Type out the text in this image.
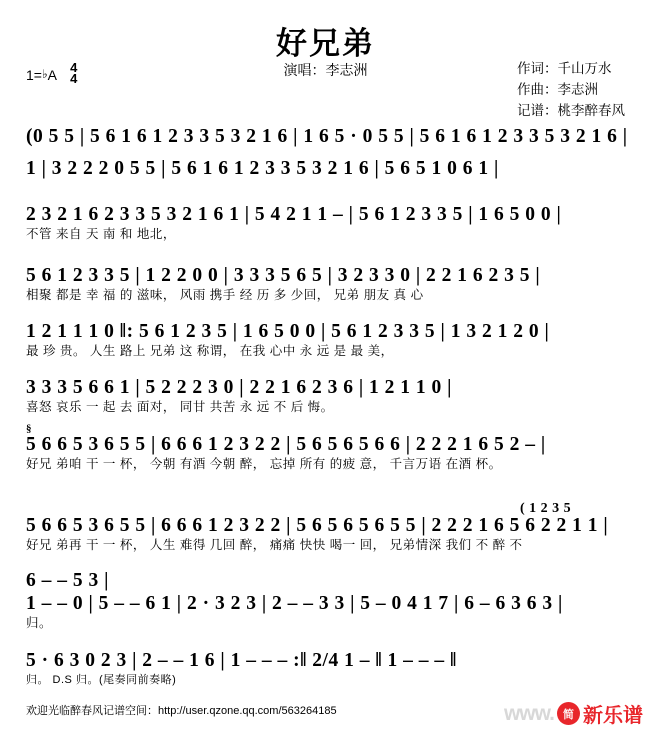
好兄弟
演唱：李志洲
1=♭A 4
4
作词：千山万水
作曲：李志洲
记谱：桃李醉春风
(0 5 5 | 5 6 1 6 1 2 3 3 5 3 2 1 6 | 1 6 5 · 0 5 5 | 5 6 1 6 1 2 3 3 5 3 2 1 6 |
1 | 3 2 2 2 0 5 5 | 5 6 1 6 1 2 3 3 5 3 2 1 6 | 5 6 5 1 0 6 1 |
2 3 2 1 6 2 3 3 5 3 2 1 6 1 | 5 4 2 1 1 – | 5 6 1 2 3 3 5 | 1 6 5 0 0 |
不管 来自 天 南 和 地北，
5 6 1 2 3 3 5 | 1 2 2 0 0 | 3 3 3 5 6 5 | 3 2 3 3 0 | 2 2 1 6 2 3 5 |
相聚 都是 幸 福 的 滋味， 风雨 携手 经 历 多 少回， 兄弟 朋友 真 心
1 2 1 1 1 0 ‖: 5 6 1 2 3 5 | 1 6 5 0 0 | 5 6 1 2 3 3 5 | 1 3 2 1 2 0 |
最 珍 贵。 人生 路上 兄弟 这 称谓， 在我 心中 永 远 是 最 美，
3 3 3 5 6 6 1 | 5 2 2 2 3 0 | 2 2 1 6 2 3 6 | 1 2 1 1 0 |
喜怒 哀乐 一 起 去 面对， 同甘 共苦 永 远 不 后 悔。
§
5 6 6 5 3 6 5 5 | 6 6 6 1 2 3 2 2 | 5 6 5 6 5 6 6 | 2 2 2 1 6 5 2 – |
好兄 弟咱 干 一 杯， 今朝 有酒 今朝 醉， 忘掉 所有 的疲 意， 千言万语 在酒 杯。
( 1 2 3 5
5 6 6 5 3 6 5 5 | 6 6 6 1 2 3 2 2 | 5 6 5 6 5 6 5 5 | 2 2 2 1 6 5 6 2 2 1 1 |
好兄 弟再 干 一 杯， 人生 难得 几回 醉， 痛痛 快快 喝一 回， 兄弟情深 我们 不 醉 不
6 – – 5 3 |
1 – – 0 | 5 – – 6 1 | 2 · 3 2 3 | 2 – – 3 3 | 5 – 0 4 1 7 | 6 – 6 3 6 3 |
归。
5 · 6 3 0 2 3 | 2 – – 1 6 | 1 – – – :‖ 2/4 1 – ‖ 1 – – – ‖
归。 D.S 归。(尾奏同前奏略)
欢迎光临醉春风记谱空间：http://user.qzone.qq.com/563264185	www. 简 新乐谱
